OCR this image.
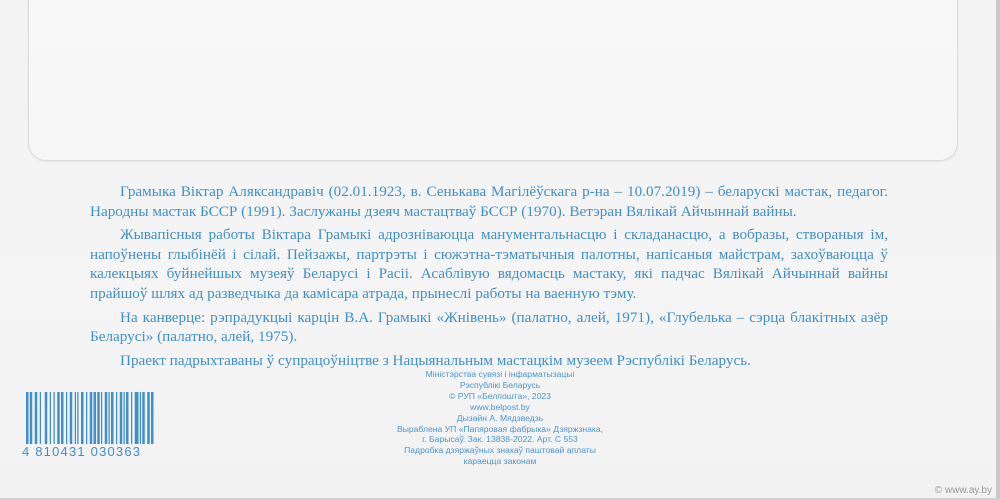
Грамыка Віктар Аляксандравіч (02.01.1923, в. Сенькава Магілёўскага р-на – 10.07.2019) – беларускі мастак, педагог. Народны мастак БССР (1991). Заслужаны дзеяч мастацтваў БССР (1970). Ветэран Вялікай Айчыннай вайны.

Жывапісныя работы Віктара Грамыкі адрозніваюцца манументальнасцю і складанасцю, а вобразы, створаныя ім, напоўнены глыбінёй і сілай. Пейзажы, партрэты і сюжэтна-тэматычныя палотны, напісаныя майстрам, захоўваюцца ў калекцыях буйнейшых музеяў Беларусі і Расіі. Асаблівую вядомасць мастаку, які падчас Вялікай Айчыннай вайны прайшоў шлях ад разведчыка да камісара атрада, прынеслі работы на ваенную тэму.

На канверце: рэпрадукцыі карцін В.А. Грамыкі «Жнівень» (палатно, алей, 1971), «Глубелька – сэрца блакітных азёр Беларусі» (палатно, алей, 1975).

Праект падрыхтаваны ў супрацоўніцтве з Нацыянальным мастацкім музеем Рэспублікі Беларусь.

Міністэрства сувязі і інфарматызацыі
Рэспублікі Беларусь
© РУП «Белпошта», 2023
www.belpost.by
Дызайн А. Мядзведзь
Выраблена УП «Папяровая фабрыка» Дзяржзнака,
г. Барысаў. Зак. 13838-2022. Арт. С 553
Падробка дзяржаўных знакаў паштовай аплаты
караецца законам
4 810431 030363
© www.ay.by
